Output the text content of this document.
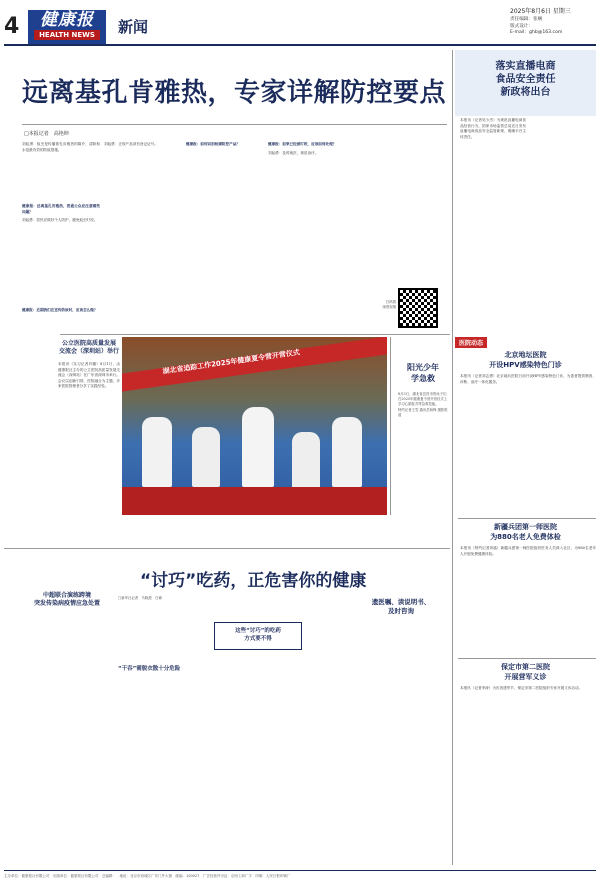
4	健康报
HEALTH NEWS	新闻
2025年8月6日 星期三
责任编辑：张娴
版式设计：
E-mail：ghb@163.com
远离基孔肯雅热，专家详解防控要点
□本报记者　高艳坤
刘起勇：蚊虫是传播基孔肯雅热的媒介，清除积水是最有效的防蚊措施。
健康报：远离基孔肯雅热，普通公众应注意哪些问题？
刘起勇：居民应做好个人防护，避免蚊虫叮咬。
健康报：近期我们在宣传防蚊时，应该怎么做？
刘起勇：正规产品须有登记证号。	健康报：如何识别蚊媒防控产品？	健康报：如果已经被叮咬，应该如何处理？
刘起勇：及时就医，规范治疗。
扫码看
深度视频
公立医院高质量发展
交流会（深圳站）举行
本报讯（实习记者肖璐）8月1日，由健康报社主办的公立医院高质量发展交流会（深圳站）在广东省深圳市举行。会议以创新引领、医防融合为主题，多家医院管理者分享了实践经验。
湖北省追踪工作2025年健康夏令营开营仪式	阳光少年
学急救
8月3日，湖北省宜昌市的孩子们在2025年健康夏令营开营仪式上学习心肺复苏等急救技能。
特约记者王雪 通讯员杨锋 摄影报道
落实直播电商
食品安全责任
新政将出台
本报讯（记者吴少杰）为规范直播电商食品经营行为，国家市场监管总局近日发布直播电商食品安全监管新规，明确平台主体责任。
医院动态
北京地坛医院
开设HPV感染特色门诊
本报讯（记者刘志勇）北京地坛医院日前开设HPV感染特色门诊，为患者提供筛查、诊断、治疗一体化服务。
新疆兵团第一师医院
为880名老人免费体检
本报讯（特约记者刘盛）新疆兵团第一师医院组织医务人员深入社区，为880名老年人开展免费健康体检。
保定市第二医院
开展营军义诊
本报讯（记者李涛）为庆祝建军节，保定市第二医院组织专家开展义诊活动。
“讨巧”吃药，正危害你的健康
中超联合演练跨境
突发传染病疫情应急处置
□新华社记者　马晓澄　白瑜
“干吞”需脱衣散十分危险
这些“讨巧”的吃药
方式要不得
遗医嘱、读说明书、
及时咨询
主办单位：健康报社有限公司　出版单位：健康报社有限公司　总编辑：　地址：北京市西城区广安门外大街　邮编：100027　广告经营许可证：京西工商广字　印刷：人民日报印刷厂
